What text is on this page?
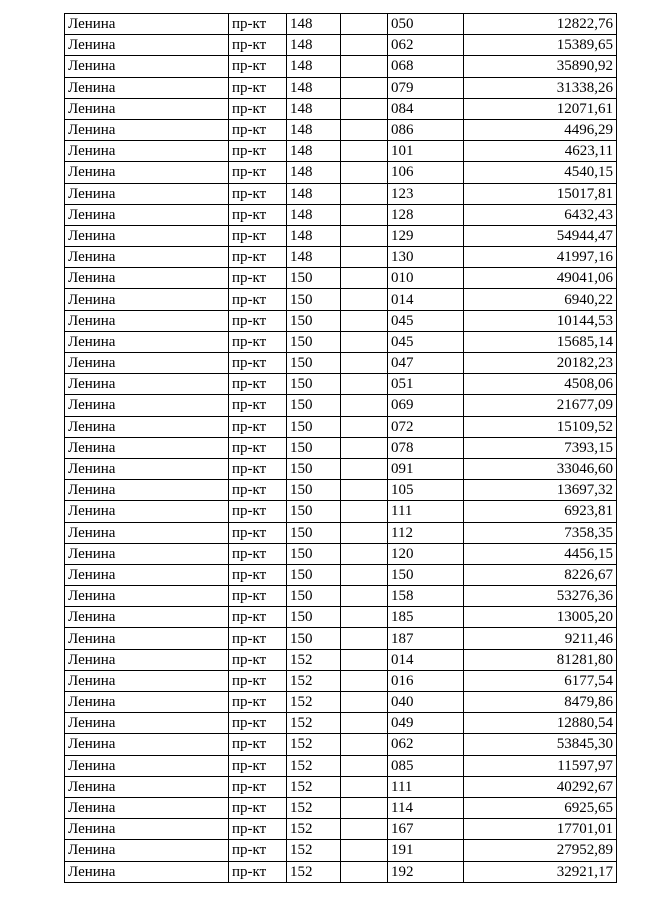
Ленина	пр-кт	148		050	12822,76
Ленина	пр-кт	148		062	15389,65
Ленина	пр-кт	148		068	35890,92
Ленина	пр-кт	148		079	31338,26
Ленина	пр-кт	148		084	12071,61
Ленина	пр-кт	148		086	4496,29
Ленина	пр-кт	148		101	4623,11
Ленина	пр-кт	148		106	4540,15
Ленина	пр-кт	148		123	15017,81
Ленина	пр-кт	148		128	6432,43
Ленина	пр-кт	148		129	54944,47
Ленина	пр-кт	148		130	41997,16
Ленина	пр-кт	150		010	49041,06
Ленина	пр-кт	150		014	6940,22
Ленина	пр-кт	150		045	10144,53
Ленина	пр-кт	150		045	15685,14
Ленина	пр-кт	150		047	20182,23
Ленина	пр-кт	150		051	4508,06
Ленина	пр-кт	150		069	21677,09
Ленина	пр-кт	150		072	15109,52
Ленина	пр-кт	150		078	7393,15
Ленина	пр-кт	150		091	33046,60
Ленина	пр-кт	150		105	13697,32
Ленина	пр-кт	150		111	6923,81
Ленина	пр-кт	150		112	7358,35
Ленина	пр-кт	150		120	4456,15
Ленина	пр-кт	150		150	8226,67
Ленина	пр-кт	150		158	53276,36
Ленина	пр-кт	150		185	13005,20
Ленина	пр-кт	150		187	9211,46
Ленина	пр-кт	152		014	81281,80
Ленина	пр-кт	152		016	6177,54
Ленина	пр-кт	152		040	8479,86
Ленина	пр-кт	152		049	12880,54
Ленина	пр-кт	152		062	53845,30
Ленина	пр-кт	152		085	11597,97
Ленина	пр-кт	152		111	40292,67
Ленина	пр-кт	152		114	6925,65
Ленина	пр-кт	152		167	17701,01
Ленина	пр-кт	152		191	27952,89
Ленина	пр-кт	152		192	32921,17
